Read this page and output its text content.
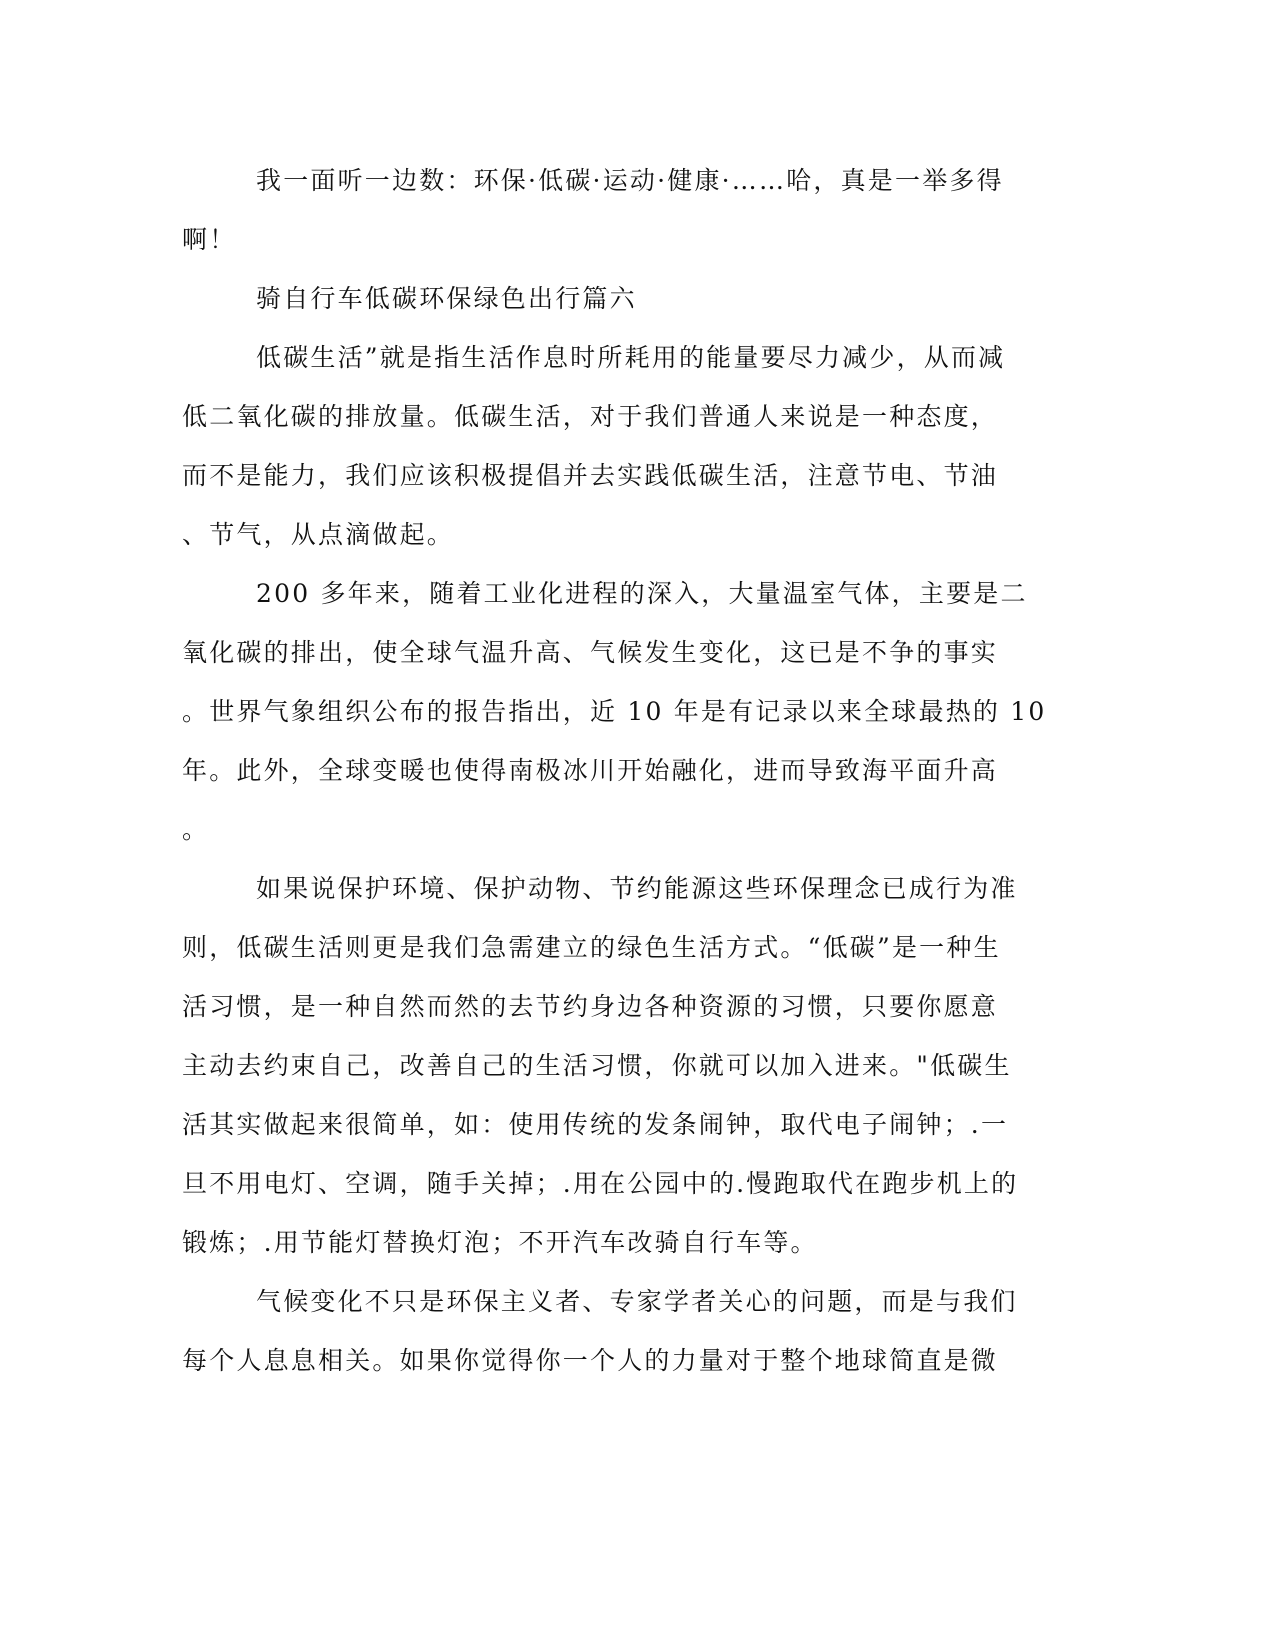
我一面听一边数：环保·低碳·运动·健康·……哈，真是一举多得

啊！

骑自行车低碳环保绿色出行篇六

低碳生活”就是指生活作息时所耗用的能量要尽力减少，从而减

低二氧化碳的排放量。低碳生活，对于我们普通人来说是一种态度，

而不是能力，我们应该积极提倡并去实践低碳生活，注意节电、节油

、节气，从点滴做起。

200 多年来，随着工业化进程的深入，大量温室气体，主要是二

氧化碳的排出，使全球气温升高、气候发生变化，这已是不争的事实

。世界气象组织公布的报告指出，近 10 年是有记录以来全球最热的 10

年。此外，全球变暖也使得南极冰川开始融化，进而导致海平面升高

。

如果说保护环境、保护动物、节约能源这些环保理念已成行为准

则，低碳生活则更是我们急需建立的绿色生活方式。“低碳”是一种生

活习惯，是一种自然而然的去节约身边各种资源的习惯，只要你愿意

主动去约束自己，改善自己的生活习惯，你就可以加入进来。"低碳生

活其实做起来很简单，如：使用传统的发条闹钟，取代电子闹钟；.一

旦不用电灯、空调，随手关掉；.用在公园中的.慢跑取代在跑步机上的

锻炼；.用节能灯替换灯泡；不开汽车改骑自行车等。

气候变化不只是环保主义者、专家学者关心的问题，而是与我们

每个人息息相关。如果你觉得你一个人的力量对于整个地球简直是微
